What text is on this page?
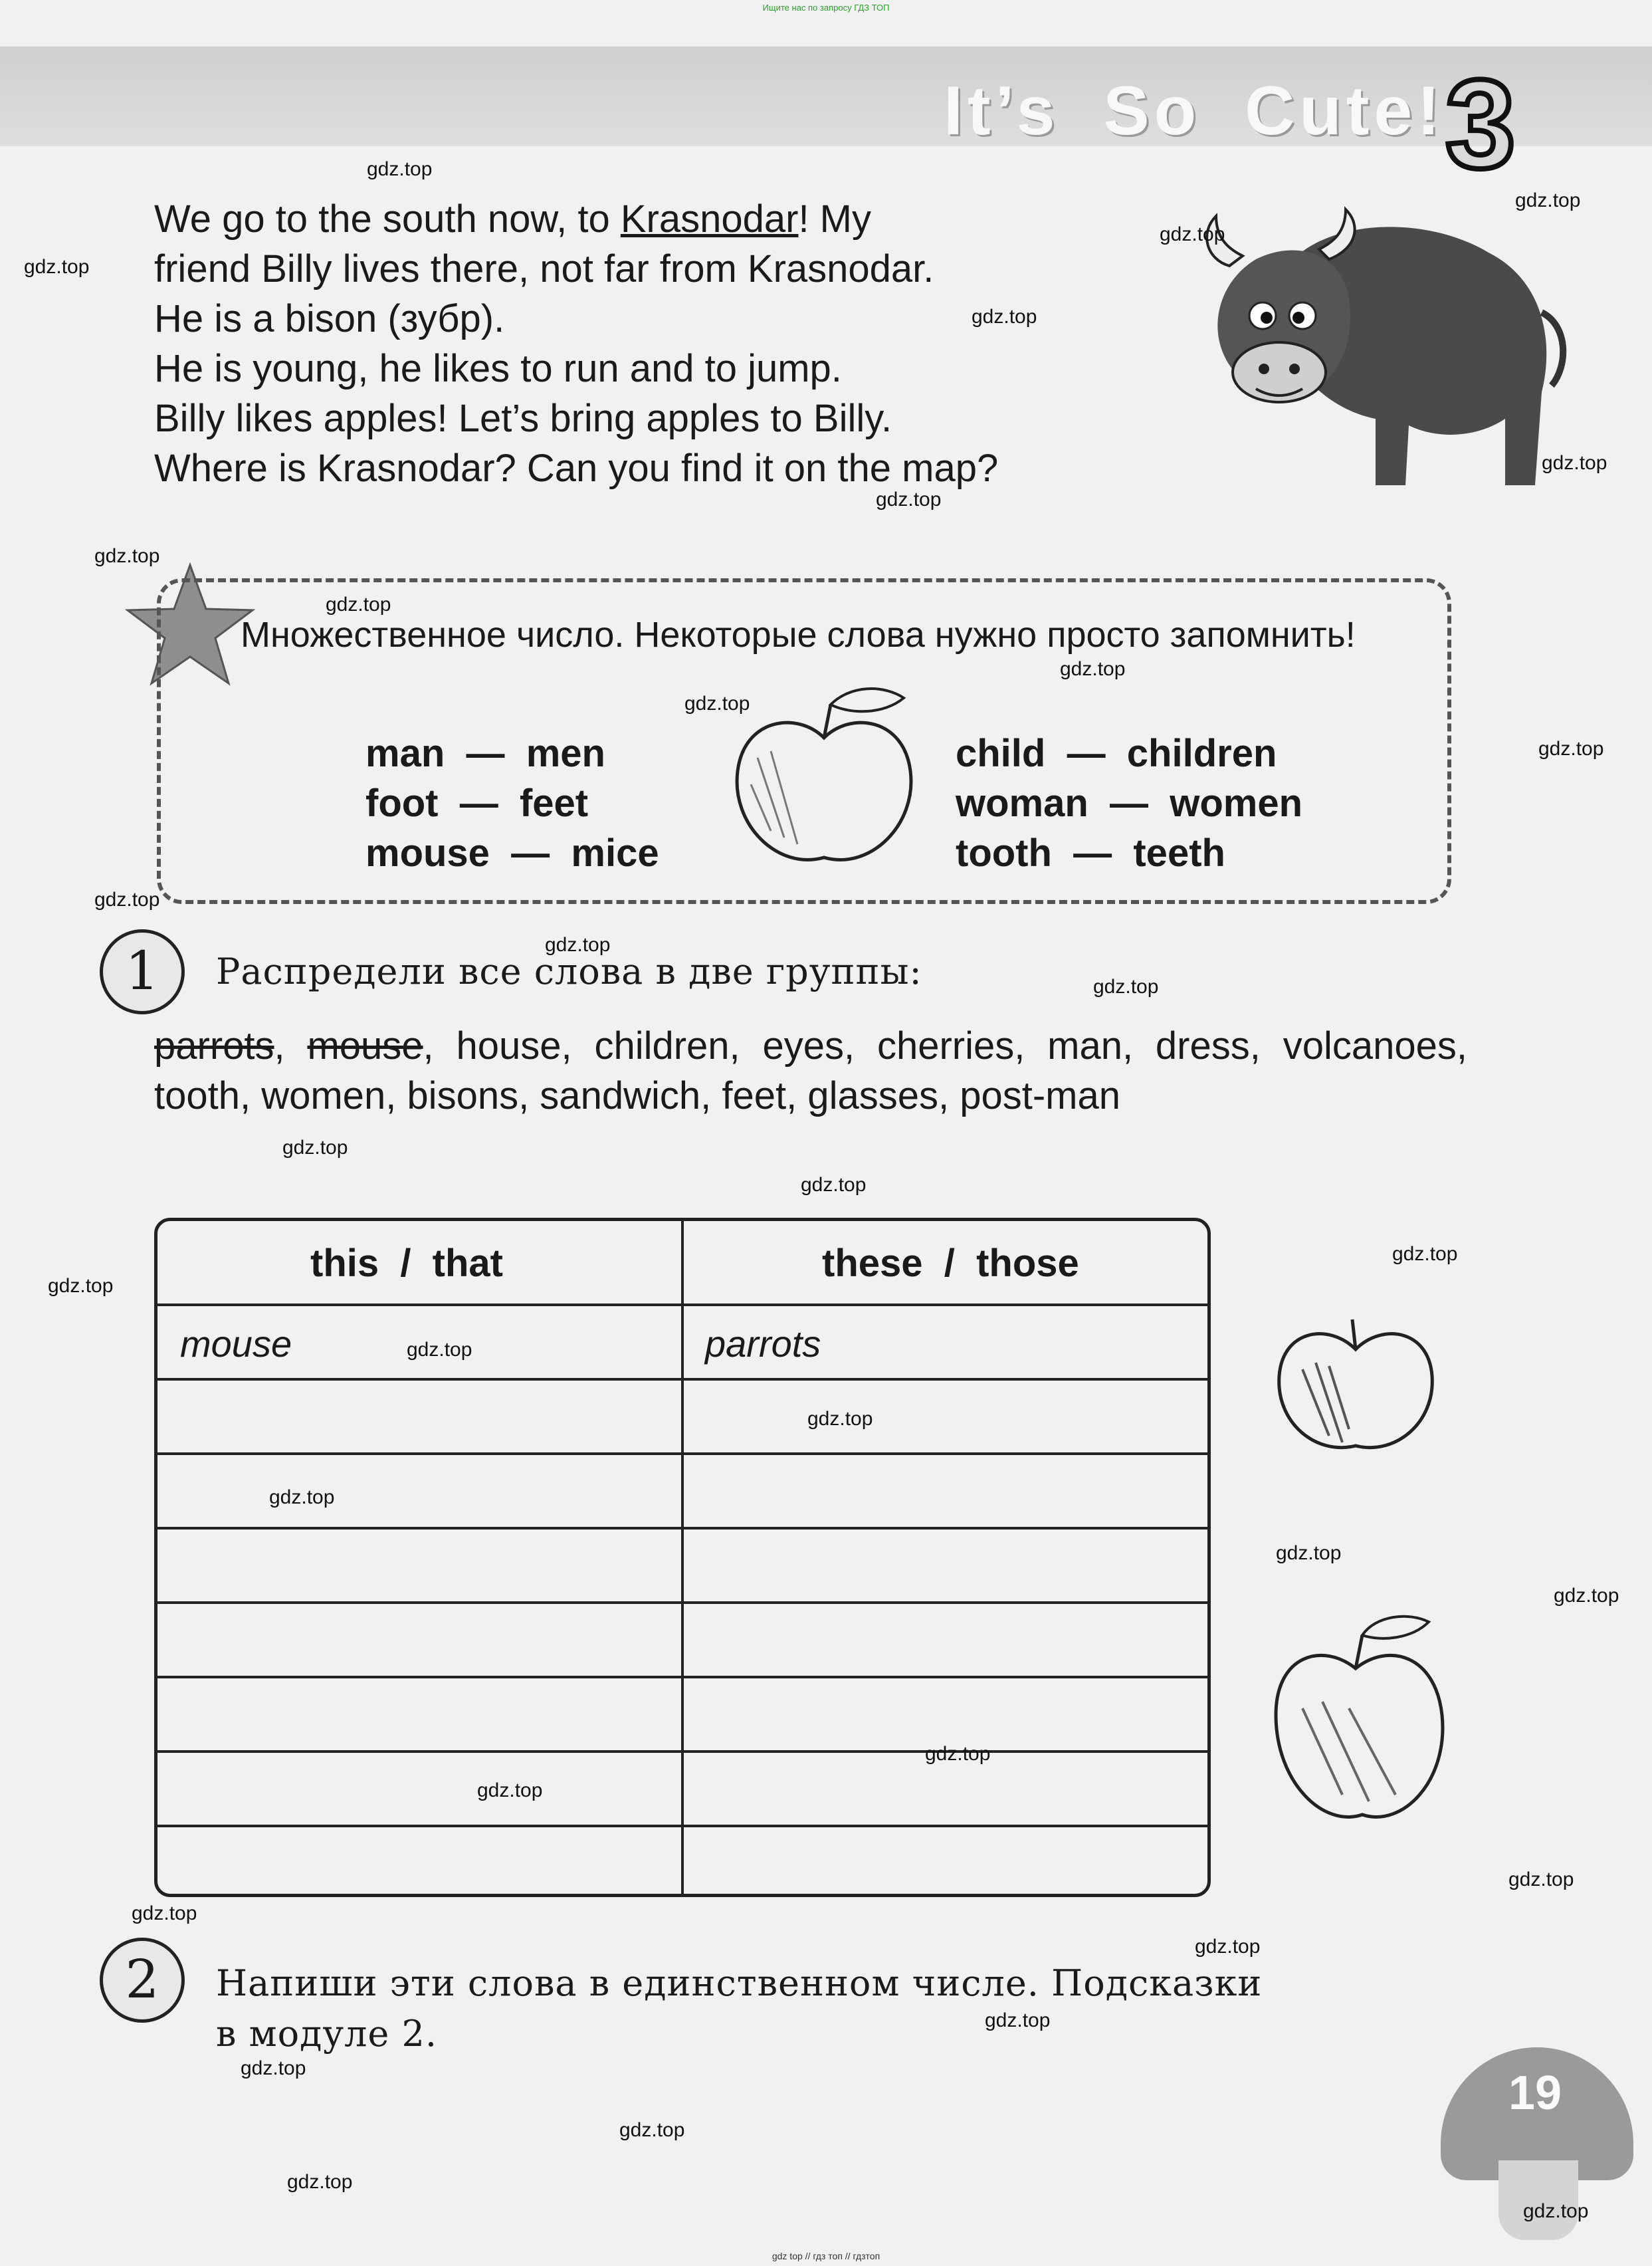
Ищите нас по запросу ГДЗ ТОП
It’s So Cute! 3

We go to the south now, to Krasnodar! My

friend Billy lives there, not far from Krasnodar.

He is a bison (зубр).

He is young, he likes to run and to jump.

Billy likes apples! Let’s bring apples to Billy.

Where is Krasnodar? Can you find it on the map?

Множественное число. Некоторые слова нужно просто запомнить!
man  —  men
foot  —  feet
mouse  —  mice
child  —  children
woman  —  women
tooth  —  teeth
1	Распредели все слова в две группы:
parrots, mouse, house, children, eyes, cherries, man, dress, volcanoes, tooth, women, bisons, sandwich, feet, glasses, post-man
this  /  that	these  /  those
mouse	parrots
2	Напиши эти слова в единственном числе. Подсказки
в модуле 2.
19
gdz.top
gdz.top
gdz.top
gdz.top
gdz.top
gdz.top
gdz.top
gdz.top
gdz.top
gdz.top
gdz.top
gdz.top
gdz.top
gdz.top
gdz.top
gdz.top
gdz.top
gdz.top
gdz.top
gdz.top
gdz.top
gdz.top
gdz.top
gdz.top
gdz.top
gdz.top
gdz.top
gdz.top
gdz.top
gdz.top
gdz.top
gdz.top
gdz.top
gdz.top
gdz top // гдз топ // гдзтоп
